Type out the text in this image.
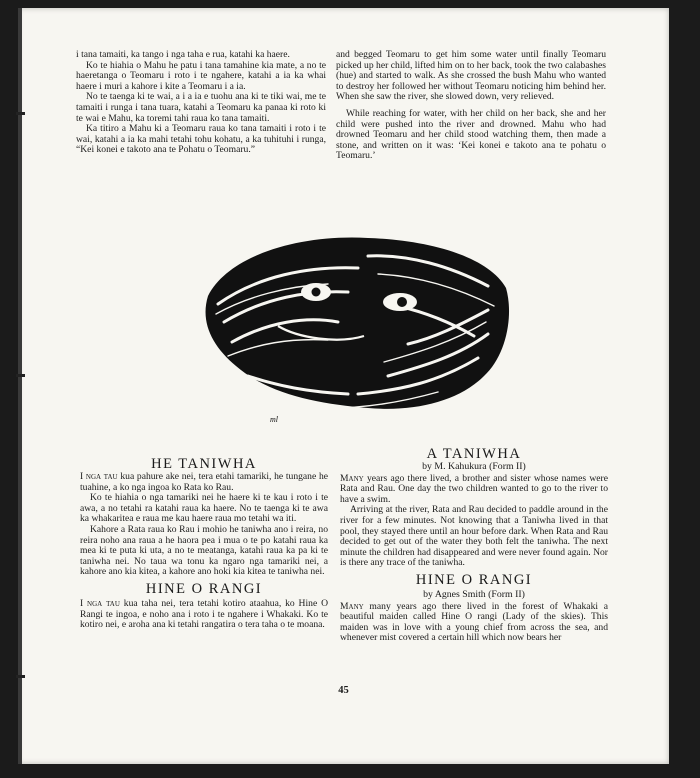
i tana tamaiti, ka tango i nga taha e rua, katahi ka haere.

Ko te hiahia o Mahu he patu i tana tamahine kia mate, a no te haeretanga o Teomaru i roto i te ngahere, katahi a ia ka whai haere i muri a kahore i kite a Teomaru i a ia.

No te taenga ki te wai, a i a ia e tuohu ana ki te tiki wai, me te tamaiti i runga i tana tuara, katahi a Teomaru ka panaa ki roto ki te wai e Mahu, ka toremi tahi raua ko tana tamaiti.

Ka titiro a Mahu ki a Teomaru raua ko tana tamaiti i roto i te wai, katahi a ia ka mahi tetahi tohu kohatu, a ka tuhituhi i runga, “Kei konei e takoto ana te Pohatu o Teomaru.”

and begged Teomaru to get him some water until finally Teomaru picked up her child, lifted him on to her back, took the two calabashes (hue) and started to walk. As she crossed the bush Mahu who wanted to destroy her followed her without Teomaru noticing him behind her. When she saw the river, she slowed down, very relieved.

While reaching for water, with her child on her back, she and her child were pushed into the river and drowned. Mahu who had drowned Teomaru and her child stood watching them, then made a stone, and written on it was: ‘Kei konei e takoto ana te pohatu o Teomaru.’

ml
HE TANIWHA

I nga tau kua pahure ake nei, tera etahi tamariki, he tungane he tuahine, a ko nga ingoa ko Rata ko Rau.

Ko te hiahia o nga tamariki nei he haere ki te kau i roto i te awa, a no tetahi ra katahi raua ka haere. No te taenga ki te awa ka whakaritea e raua me kau haere raua mo tetahi wa iti.

Kahore a Rata raua ko Rau i mohio he taniwha ano i reira, no reira noho ana raua a he haora pea i mua o te po katahi raua ka mea ki te puta ki uta, a no te meatanga, katahi raua ka pa ki te taniwha nei. No taua wa tonu ka ngaro nga tamariki nei, a kahore ano kia kitea, a kahore ano hoki kia kitea te taniwha nei.

HINE O RANGI

I nga tau kua taha nei, tera tetahi kotiro ataahua, ko Hine O Rangi te ingoa, e noho ana i roto i te ngahere i Whakaki. Ko te kotiro nei, e aroha ana ki tetahi rangatira o tera taha o te moana.

A TANIWHA
by M. Kahukura (Form II)

Many years ago there lived, a brother and sister whose names were Rata and Rau. One day the two children wanted to go to the river to have a swim.

Arriving at the river, Rata and Rau decided to paddle around in the river for a few minutes. Not knowing that a Taniwha lived in that pool, they stayed there until an hour before dark. When Rata and Rau decided to get out of the water they both felt the taniwha. The next minute the children had disappeared and were never found again. Nor is there any trace of the taniwha.

HINE O RANGI
by Agnes Smith (Form II)

Many many years ago there lived in the forest of Whakaki a beautiful maiden called Hine O rangi (Lady of the skies). This maiden was in love with a young chief from across the sea, and whenever mist covered a certain hill which now bears her

45
